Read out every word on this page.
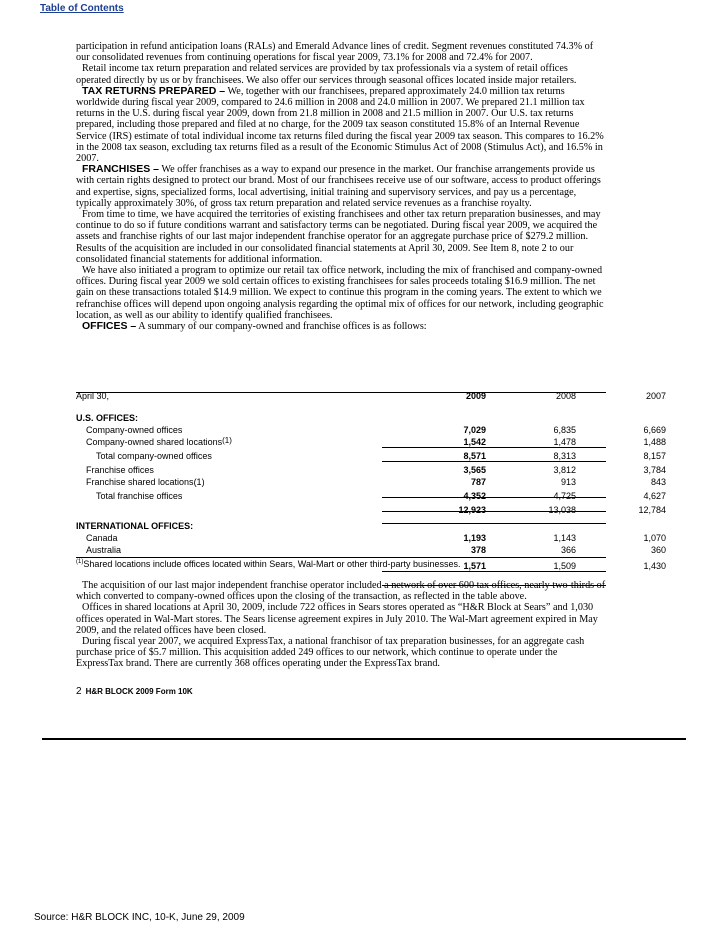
Table of Contents

participation in refund anticipation loans (RALs) and Emerald Advance lines of credit. Segment revenues constituted 74.3% of our consolidated revenues from continuing operations for fiscal year 2009, 73.1% for 2008 and 72.4% for 2007.

Retail income tax return preparation and related services are provided by tax professionals via a system of retail offices operated directly by us or by franchisees. We also offer our services through seasonal offices located inside major retailers.

TAX RETURNS PREPARED – We, together with our franchisees, prepared approximately 24.0 million tax returns worldwide during fiscal year 2009, compared to 24.6 million in 2008 and 24.0 million in 2007. We prepared 21.1 million tax returns in the U.S. during fiscal year 2009, down from 21.8 million in 2008 and 21.5 million in 2007. Our U.S. tax returns prepared, including those prepared and filed at no charge, for the 2009 tax season constituted 15.8% of an Internal Revenue Service (IRS) estimate of total individual income tax returns filed during the fiscal year 2009 tax season. This compares to 16.2% in the 2008 tax season, excluding tax returns filed as a result of the Economic Stimulus Act of 2008 (Stimulus Act), and 16.5% in 2007.

FRANCHISES – We offer franchises as a way to expand our presence in the market. Our franchise arrangements provide us with certain rights designed to protect our brand. Most of our franchisees receive use of our software, access to product offerings and expertise, signs, specialized forms, local advertising, initial training and supervisory services, and pay us a percentage, typically approximately 30%, of gross tax return preparation and related service revenues as a franchise royalty.

From time to time, we have acquired the territories of existing franchisees and other tax return preparation businesses, and may continue to do so if future conditions warrant and satisfactory terms can be negotiated. During fiscal year 2009, we acquired the assets and franchise rights of our last major independent franchise operator for an aggregate purchase price of $279.2 million. Results of the acquisition are included in our consolidated financial statements at April 30, 2009. See Item 8, note 2 to our consolidated financial statements for additional information.

We have also initiated a program to optimize our retail tax office network, including the mix of franchised and company-owned offices. During fiscal year 2009 we sold certain offices to existing franchisees for sales proceeds totaling $16.9 million. The net gain on these transactions totaled $14.9 million. We expect to continue this program in the coming years. The extent to which we refranchise offices will depend upon ongoing analysis regarding the optimal mix of offices for our network, including geographic location, as well as our ability to identify qualified franchisees.

OFFICES – A summary of our company-owned and franchise offices is as follows:

April 30,	2009	2008	2007
U.S. OFFICES:
Company-owned offices	7,029	6,835	6,669
Company-owned shared locations(1)	1,542	1,478	1,488
Total company-owned offices	8,571	8,313	8,157
Franchise offices	3,565	3,812	3,784
Franchise shared locations(1)	787	913	843
Total franchise offices	4,352	4,725	4,627
12,923	13,038	12,784
INTERNATIONAL OFFICES:
Canada	1,193	1,143	1,070
Australia	378	366	360
1,571	1,509	1,430
$^{(1)}$Shared locations include offices located within Sears, Wal-Mart or other third-party businesses.

The acquisition of our last major independent franchise operator included a network of over 600 tax offices, nearly two-thirds of which converted to company-owned offices upon the closing of the transaction, as reflected in the table above.

Offices in shared locations at April 30, 2009, include 722 offices in Sears stores operated as “H&R Block at Sears” and 1,030 offices operated in Wal-Mart stores. The Sears license agreement expires in July 2010. The Wal-Mart agreement expired in May 2009, and the related offices have been closed.

During fiscal year 2007, we acquired ExpressTax, a national franchisor of tax preparation businesses, for an aggregate cash purchase price of $5.7 million. This acquisition added 249 offices to our network, which continue to operate under the ExpressTax brand. There are currently 368 offices operating under the ExpressTax brand.

2 H&R BLOCK 2009 Form 10K
Source: H&R BLOCK INC, 10-K, June 29, 2009
